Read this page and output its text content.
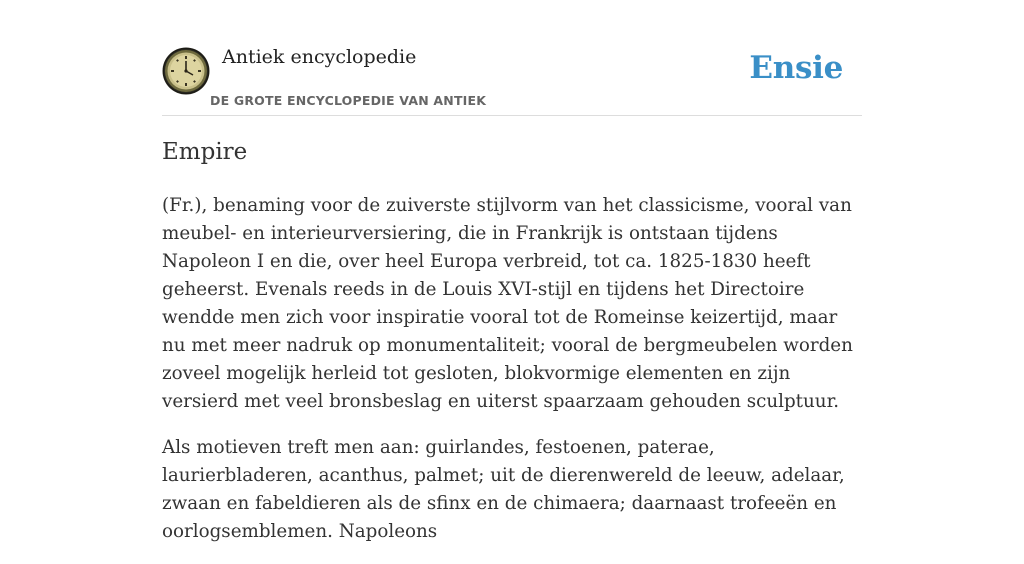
Antiek encyclopedie
DE GROTE ENCYCLOPEDIE VAN ANTIEK
Ensie
Empire

(Fr.), benaming voor de zuiverste stijlvorm van het classicisme, vooral van meubel- en interieurversiering, die in Frankrijk is ontstaan tijdens Napoleon I en die, over heel Europa verbreid, tot ca. 1825-1830 heeft geheerst. Evenals reeds in de Louis XVI-stijl en tijdens het Directoire wendde men zich voor inspiratie vooral tot de Romeinse keizertijd, maar nu met meer nadruk op monumentaliteit; vooral de bergmeubelen worden zoveel mogelijk herleid tot gesloten, blokvormige elementen en zijn versierd met veel bronsbeslag en uiterst spaarzaam gehouden sculptuur.

Als motieven treft men aan: guirlandes, festoenen, paterae, laurierbladeren, acanthus, palmet; uit de dierenwereld de leeuw, adelaar, zwaan en fabeldieren als de sfinx en de chimaera; daarnaast trofeeën en oorlogsemblemen. Napoleons
